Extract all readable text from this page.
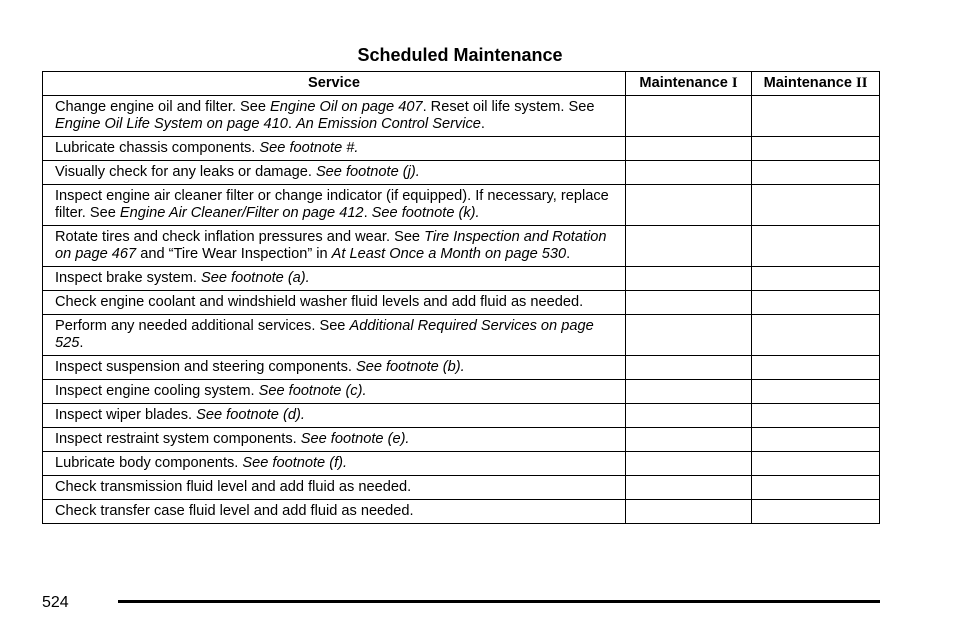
Scheduled Maintenance
Service	Maintenance I	Maintenance II
Change engine oil and filter. See Engine Oil on page 407. Reset oil life system. See Engine Oil Life System on page 410. An Emission Control Service.		
Lubricate chassis components. See footnote #.		
Visually check for any leaks or damage. See footnote (j).		
Inspect engine air cleaner filter or change indicator (if equipped). If necessary, replace filter. See Engine Air Cleaner/Filter on page 412. See footnote (k).		
Rotate tires and check inflation pressures and wear. See Tire Inspection and Rotation on page 467 and “Tire Wear Inspection” in At Least Once a Month on page 530.		
Inspect brake system. See footnote (a).		
Check engine coolant and windshield washer fluid levels and add fluid as needed.		
Perform any needed additional services. See Additional Required Services on page 525.		
Inspect suspension and steering components. See footnote (b).		
Inspect engine cooling system. See footnote (c).		
Inspect wiper blades. See footnote (d).		
Inspect restraint system components. See footnote (e).		
Lubricate body components. See footnote (f).		
Check transmission fluid level and add fluid as needed.		
Check transfer case fluid level and add fluid as needed.		
524
